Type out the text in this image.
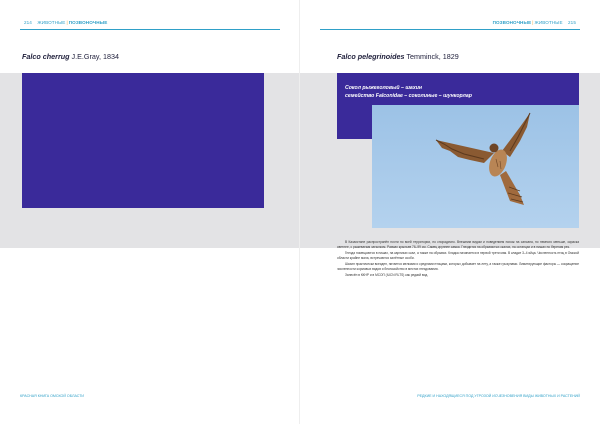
214 ЖИВОТНЫЕ|ПОЗВОНОЧНЫЕ
Falco cherrug J.E.Gray, 1834
КРАСНАЯ КНИГА ОМСКОЙ ОБЛАСТИ
ПОЗВОНОЧНЫЕ|ЖИВОТНЫЕ 215
Falco pelegrinoides Temminck, 1829
Сокол рыжеголовый – шахин
семейство Falconidae – соколиные – шункорлар

В Казахстане распространён почти по всей территории, но спорадично. Внешним видом и поведением похож на сапсана, но немного меньше, окраска светлее, с рыжеватым затылком. Размах крыльев 76–99 см. Самец крупнее самки. Гнездится на обрывистых скалах, на останцах и в нишах по берегам рек.

Гнезда помещаются в нишах, на карнизах скал, а также на обрывах. Кладка начинается в первой трети мая. В кладке 3–4 яйца. Численность птиц в Омской области крайне мала, встречаются залётные особи.

Шахин практически всеяден, питается мелкими и средними птицами, которых добывает на лету, а также грызунами. Лимитирующие факторы — сокращение численности кормовых видов и беспокойство в местах гнездования.

Занесён в ККНР и в МСОП (IUCN RLTS) как редкий вид.

РЕДКИЕ И НАХОДЯЩИЕСЯ ПОД УГРОЗОЙ ИСЧЕЗНОВЕНИЯ ВИДЫ ЖИВОТНЫХ И РАСТЕНИЙ
